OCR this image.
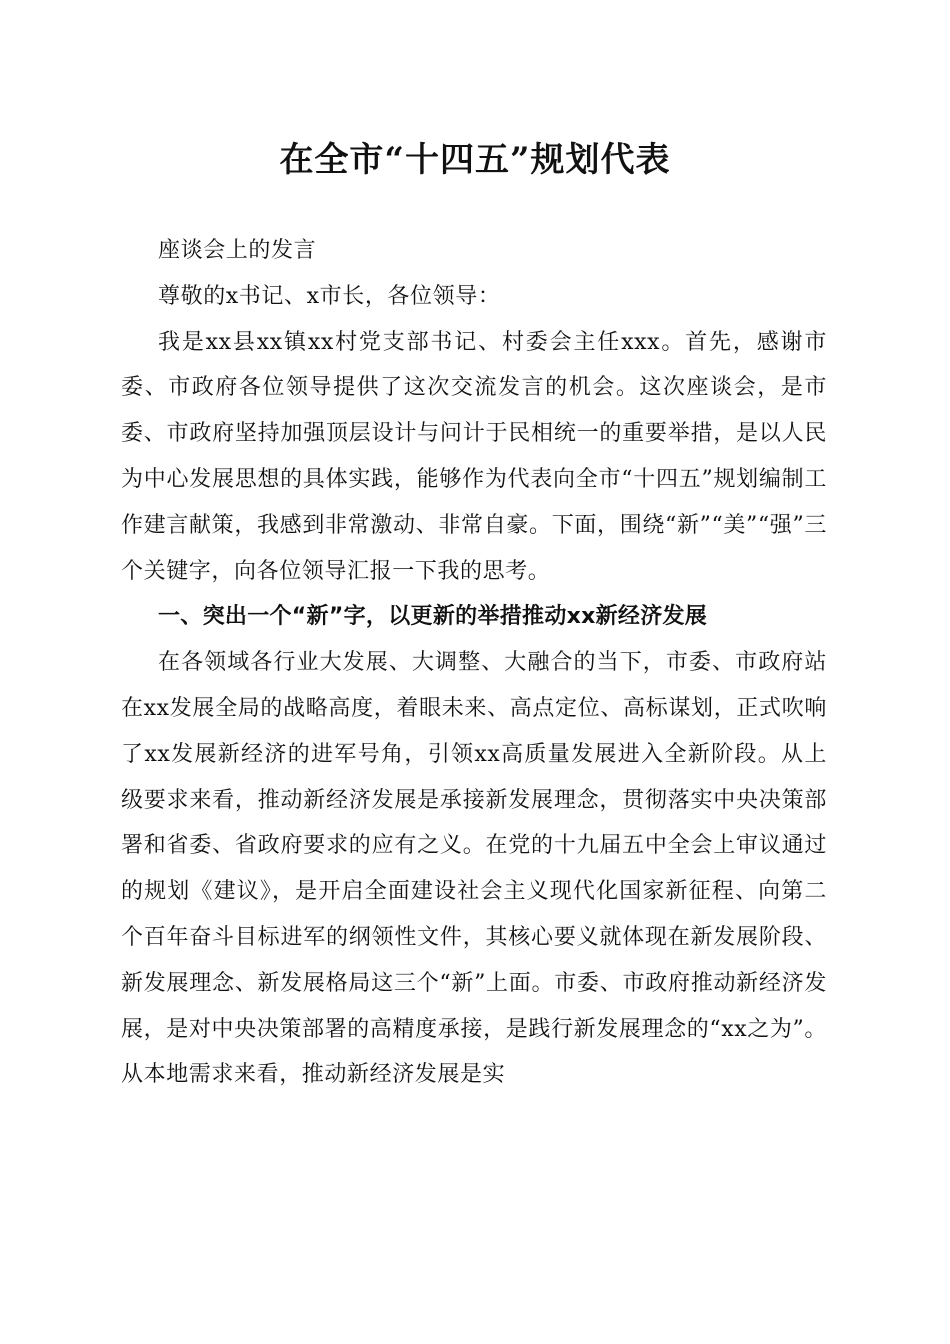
在全市“十四五”规划代表

座谈会上的发言

尊敬的x书记、x市长，各位领导：

我是xx县xx镇xx村党支部书记、村委会主任xxx。首先，感谢市委、市政府各位领导提供了这次交流发言的机会。这次座谈会，是市委、市政府坚持加强顶层设计与问计于民相统一的重要举措，是以人民为中心发展思想的具体实践，能够作为代表向全市“十四五”规划编制工作建言献策，我感到非常激动、非常自豪。下面，围绕“新”“美”“强”三个关键字，向各位领导汇报一下我的思考。

一、突出一个“新”字，以更新的举措推动xx新经济发展

在各领域各行业大发展、大调整、大融合的当下，市委、市政府站在xx发展全局的战略高度，着眼未来、高点定位、高标谋划，正式吹响了xx发展新经济的进军号角，引领xx高质量发展进入全新阶段。从上级要求来看，推动新经济发展是承接新发展理念，贯彻落实中央决策部署和省委、省政府要求的应有之义。在党的十九届五中全会上审议通过的规划《建议》，是开启全面建设社会主义现代化国家新征程、向第二个百年奋斗目标进军的纲领性文件，其核心要义就体现在新发展阶段、新发展理念、新发展格局这三个“新”上面。市委、市政府推动新经济发展，是对中央决策部署的高精度承接，是践行新发展理念的“xx之为”。从本地需求来看，推动新经济发展是实
